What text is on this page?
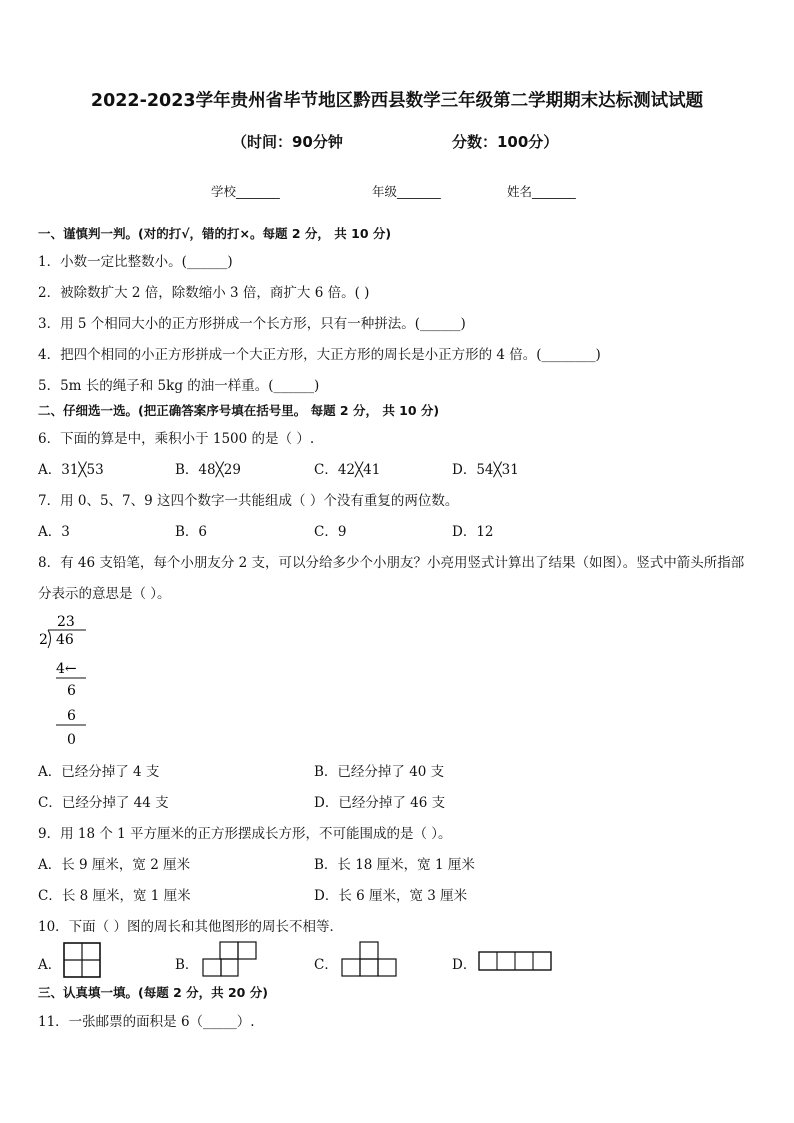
2022-2023学年贵州省毕节地区黔西县数学三年级第二学期期末达标测试试题
（时间：90分钟	分数：100分）
学校_______	年级_______	姓名_______
一、谨慎判一判。(对的打√，错的打×。每题 2 分， 共 10 分)
1．小数一定比整数小。(______)
2．被除数扩大 2 倍，除数缩小 3 倍，商扩大 6 倍。( )
3．用 5 个相同大小的正方形拼成一个长方形，只有一种拼法。(______)
4．把四个相同的小正方形拼成一个大正方形，大正方形的周长是小正方形的 4 倍。(________)
5．5m 长的绳子和 5kg 的油一样重。(______)
二、仔细选一选。(把正确答案序号填在括号里。 每题 2 分， 共 10 分)
6．下面的算是中，乘积小于 1500 的是（ ）.
A．31╳53	B．48╳29	C．42╳41	D．54╳31
7．用 0、5、7、9 这四个数字一共能组成（ ）个没有重复的两位数。
A．3	B．6	C．9	D．12
8．有 46 支铅笔，每个小朋友分 2 支，可以分给多少个小朋友？小亮用竖式计算出了结果（如图）。竖式中箭头所指部
分表示的意思是（ ）。
23
2 46
4←
6
6
0
A．已经分掉了 4 支	B．已经分掉了 40 支
C．已经分掉了 44 支	D．已经分掉了 46 支
9．用 18 个 1 平方厘米的正方形摆成长方形，不可能围成的是（ ）。
A．长 9 厘米，宽 2 厘米	B．长 18 厘米，宽 1 厘米
C．长 8 厘米，宽 1 厘米	D．长 6 厘米，宽 3 厘米
10．下面（ ）图的周长和其他图形的周长不相等．
A．	B．	C．	D．
三、认真填一填。(每题 2 分，共 20 分)
11．一张邮票的面积是 6（_____）.
